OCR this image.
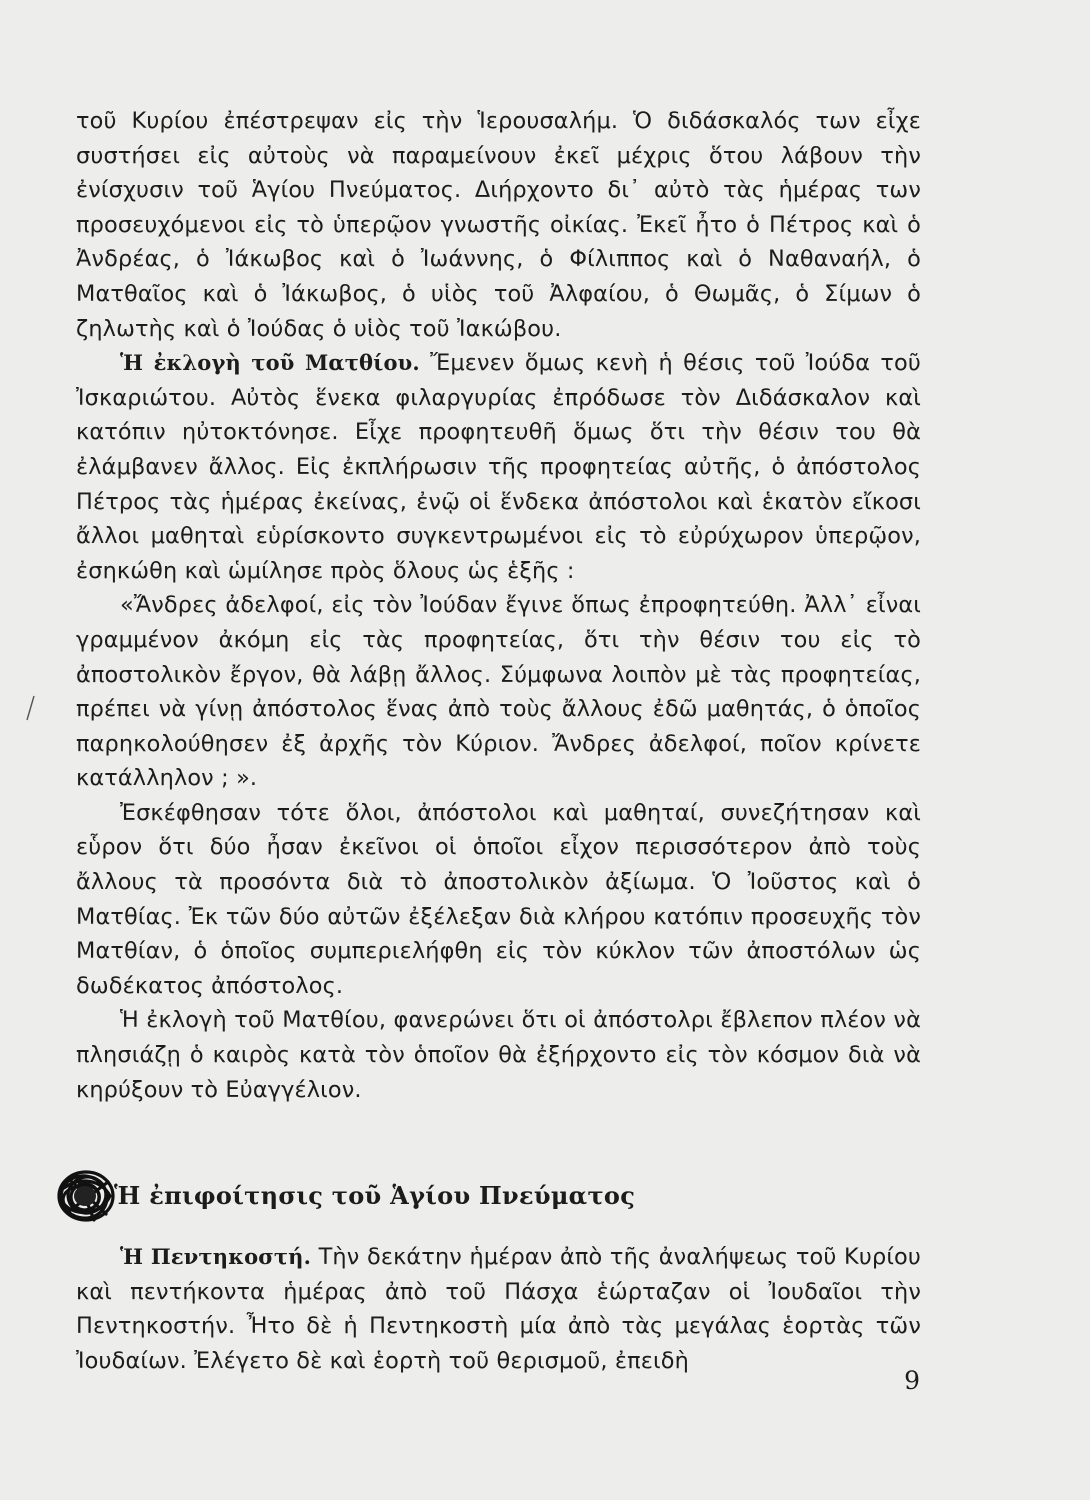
τοῦ Κυρίου ἐπέστρεψαν εἰς τὴν Ἱερουσαλήμ. Ὁ διδάσκαλός των εἶχε συστήσει εἰς αὐτοὺς νὰ παραμείνουν ἐκεῖ μέχρις ὅτου λάβουν τὴν ἐνίσχυσιν τοῦ Ἁγίου Πνεύματος. Διήρχοντο δι᾿ αὐτὸ τὰς ἡμέρας των προσευχόμενοι εἰς τὸ ὑπερῷον γνωστῆς οἰκίας. Ἐκεῖ ἦτο ὁ Πέτρος καὶ ὁ Ἀνδρέας, ὁ Ἰάκωβος καὶ ὁ Ἰωάννης, ὁ Φίλιππος καὶ ὁ Ναθαναήλ, ὁ Ματθαῖος καὶ ὁ Ἰάκωβος, ὁ υἱὸς τοῦ Ἀλφαίου, ὁ Θωμᾶς, ὁ Σίμων ὁ ζηλωτὴς καὶ ὁ Ἰούδας ὁ υἱὸς τοῦ Ἰακώβου.

Ἡ ἐκλογὴ τοῦ Ματθίου. Ἔμενεν ὅμως κενὴ ἡ θέσις τοῦ Ἰούδα τοῦ Ἰσκαριώτου. Αὐτὸς ἕνεκα φιλαργυρίας ἐπρόδωσε τὸν Διδάσκαλον καὶ κατόπιν ηὐτοκτόνησε. Εἶχε προφητευθῆ ὅμως ὅτι τὴν θέσιν του θὰ ἐλάμβανεν ἄλλος. Εἰς ἐκπλήρωσιν τῆς προφητείας αὐτῆς, ὁ ἀπόστολος Πέτρος τὰς ἡμέρας ἐκείνας, ἐνῷ οἱ ἕνδεκα ἀπόστολοι καὶ ἑκατὸν εἴκοσι ἄλλοι μαθηταὶ εὑρίσκοντο συγκεντρωμένοι εἰς τὸ εὐρύχωρον ὑπερῷον, ἐσηκώθη καὶ ὡμίλησε πρὸς ὅλους ὡς ἑξῆς :

«Ἄνδρες ἀδελφοί, εἰς τὸν Ἰούδαν ἔγινε ὅπως ἐπροφητεύθη. Ἀλλ᾿ εἶναι γραμμένον ἀκόμη εἰς τὰς προφητείας, ὅτι τὴν θέσιν του εἰς τὸ ἀποστολικὸν ἔργον, θὰ λάβῃ ἄλλος. Σύμφωνα λοιπὸν μὲ τὰς προφητείας, πρέπει νὰ γίνῃ ἀπόστολος ἕνας ἀπὸ τοὺς ἄλλους ἐδῶ μαθητάς, ὁ ὁποῖος παρηκολούθησεν ἐξ ἀρχῆς τὸν Κύριον. Ἄνδρες ἀδελφοί, ποῖον κρίνετε κατάλληλον ; ».

Ἐσκέφθησαν τότε ὅλοι, ἀπόστολοι καὶ μαθηταί, συνεζήτησαν καὶ εὗρον ὅτι δύο ἦσαν ἐκεῖνοι οἱ ὁποῖοι εἶχον περισσότερον ἀπὸ τοὺς ἄλλους τὰ προσόντα διὰ τὸ ἀποστολικὸν ἀξίωμα. Ὁ Ἰοῦστος καὶ ὁ Ματθίας. Ἐκ τῶν δύο αὐτῶν ἐξέλεξαν διὰ κλήρου κατόπιν προσευχῆς τὸν Ματθίαν, ὁ ὁποῖος συμπεριελήφθη εἰς τὸν κύκλον τῶν ἀποστόλων ὡς δωδέκατος ἀπόστολος.

Ἡ ἐκλογὴ τοῦ Ματθίου, φανερώνει ὅτι οἱ ἀπόστολρι ἔβλεπον πλέον νὰ πλησιάζῃ ὁ καιρὸς κατὰ τὸν ὁποῖον θὰ ἐξήρχοντο εἰς τὸν κόσμον διὰ νὰ κηρύξουν τὸ Εὐαγγέλιον.

Ἡ ἐπιφοίτησις τοῦ Ἁγίου Πνεύματος

Ἡ Πεντηκοστή. Τὴν δεκάτην ἡμέραν ἀπὸ τῆς ἀναλήψεως τοῦ Κυρίου καὶ πεντήκοντα ἡμέρας ἀπὸ τοῦ Πάσχα ἑώρταζαν οἱ Ἰουδαῖοι τὴν Πεντηκοστήν. Ἦτο δὲ ἡ Πεντηκοστὴ μία ἀπὸ τὰς μεγάλας ἑορτὰς τῶν Ἰουδαίων. Ἐλέγετο δὲ καὶ ἑορτὴ τοῦ θερισμοῦ, ἐπειδὴ

9
